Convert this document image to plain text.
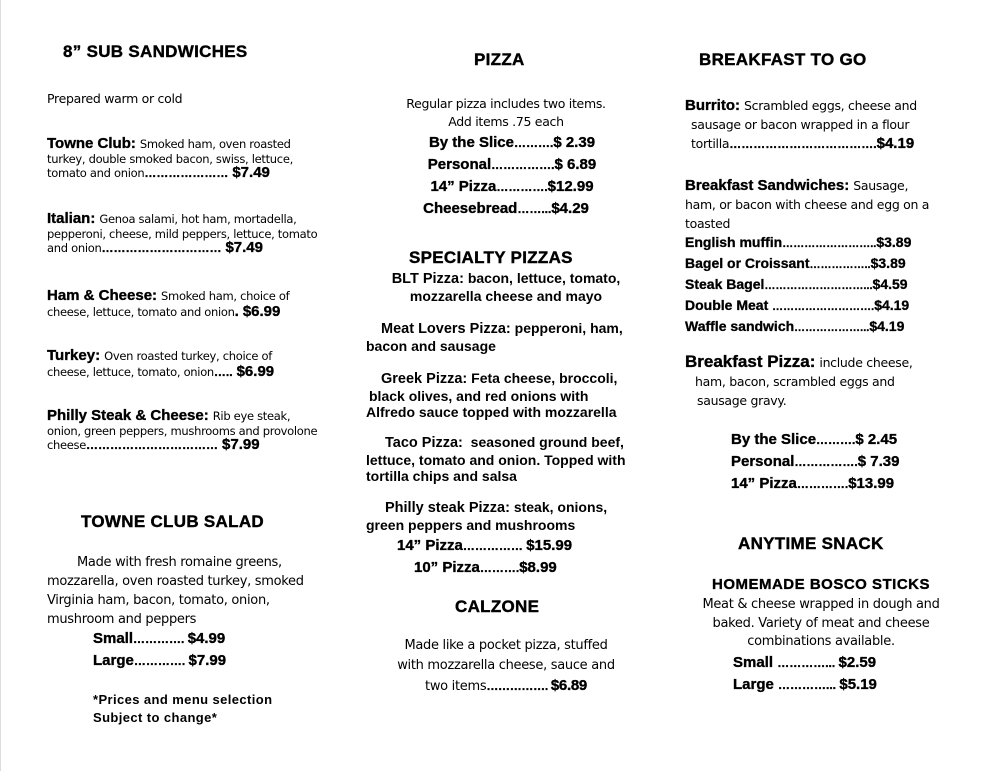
8” SUB SANDWICHES
Prepared warm or cold
Towne Club: Smoked ham, oven roasted
turkey, double smoked bacon, swiss, lettuce,
tomato and onion………………… $7.49
Italian: Genoa salami, hot ham, mortadella,
pepperoni, cheese, mild peppers, lettuce, tomato
and onion………………………… $7.49
Ham & Cheese: Smoked ham, choice of
cheese, lettuce, tomato and onion. $6.99
Turkey: Oven roasted turkey, choice of
cheese, lettuce, tomato, onion….. $6.99
Philly Steak & Cheese: Rib eye steak,
onion, green peppers, mushrooms and provolone
cheese…………………………… $7.99
TOWNE CLUB SALAD
Made with fresh romaine greens,
mozzarella, oven roasted turkey, smoked
Virginia ham, bacon, tomato, onion,
mushroom and peppers
Small…………. $4.99
Large…………. $7.99
*Prices and menu selection
Subject to change*
PIZZA
Regular pizza includes two items.
Add items .75 each
By the Slice……….$ 2.39
Personal…………….$ 6.89
14” Pizza………….$12.99
Cheesebread……...$4.29
SPECIALTY PIZZAS
BLT Pizza: bacon, lettuce, tomato,
mozzarella cheese and mayo
Meat Lovers Pizza: pepperoni, ham,
bacon and sausage
Greek Pizza: Feta cheese, broccoli,
black olives, and red onions with
Alfredo sauce topped with mozzarella
Taco Pizza: seasoned ground beef,
lettuce, tomato and onion. Topped with
tortilla chips and salsa
Philly steak Pizza: steak, onions,
green peppers and mushrooms
14” Pizza…………… $15.99
10” Pizza……….$8.99
CALZONE
Made like a pocket pizza, stuffed
with mozzarella cheese, sauce and
two items……………. $6.89
BREAKFAST TO GO
Burrito: Scrambled eggs, cheese and
sausage or bacon wrapped in a flour
tortilla……………………………….$4.19
Breakfast Sandwiches: Sausage,
ham, or bacon with cheese and egg on a
toasted
English muffin……………………..$3.89
Bagel or Croissant……………..$3.89
Steak Bagel………………………...$4.59
Double Meat ……………………….$4.19
Waffle sandwich………………...$4.19
Breakfast Pizza: include cheese,
ham, bacon, scrambled eggs and
sausage gravy.
By the Slice……….$ 2.45
Personal…………….$ 7.39
14” Pizza………….$13.99
ANYTIME SNACK
HOMEMADE BOSCO STICKS
Meat & cheese wrapped in dough and
baked. Variety of meat and cheese
combinations available.
Small …………... $2.59
Large …………... $5.19
